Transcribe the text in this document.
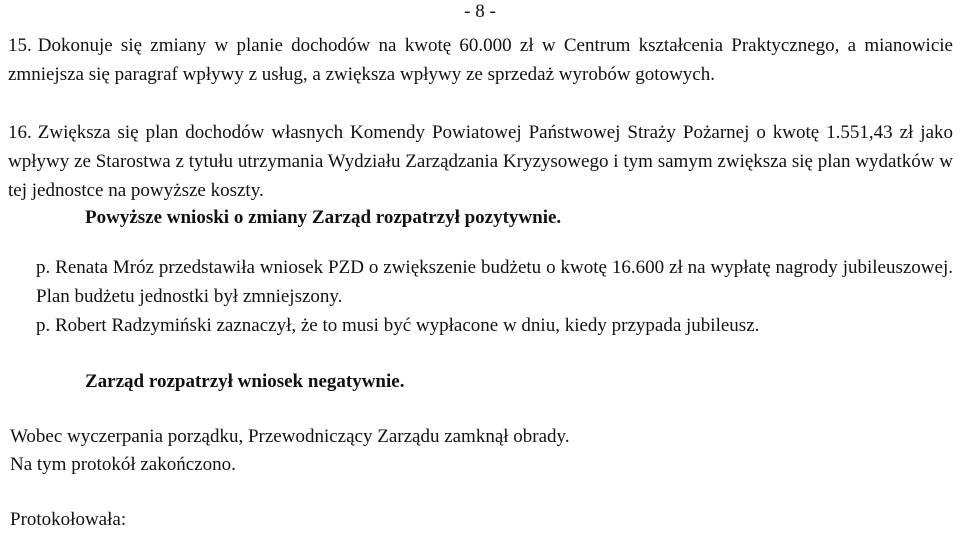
- 8 -

15. Dokonuje się zmiany w planie dochodów na kwotę 60.000 zł w Centrum kształcenia Praktycznego, a mianowicie zmniejsza się paragraf wpływy z usług, a zwiększa wpływy ze sprzedaż wyrobów gotowych.
16. Zwiększa się plan dochodów własnych Komendy Powiatowej Państwowej Straży Pożarnej o kwotę 1.551,43 zł jako wpływy ze Starostwa z tytułu utrzymania Wydziału Zarządzania Kryzysowego i tym samym zwiększa się plan wydatków w tej jednostce na powyższe koszty.

Powyższe wnioski o zmiany Zarząd rozpatrzył pozytywnie.

p. Renata Mróz przedstawiła wniosek PZD o zwiększenie budżetu o kwotę 16.600 zł na wypłatę nagrody jubileuszowej. Plan budżetu jednostki był zmniejszony.

p. Robert Radzymiński zaznaczył, że to musi być wypłacone w dniu, kiedy przypada jubileusz.

Zarząd rozpatrzył wniosek negatywnie.

Wobec wyczerpania porządku, Przewodniczący Zarządu zamknął obrady.

Na tym protokół zakończono.

Protokołowała:
